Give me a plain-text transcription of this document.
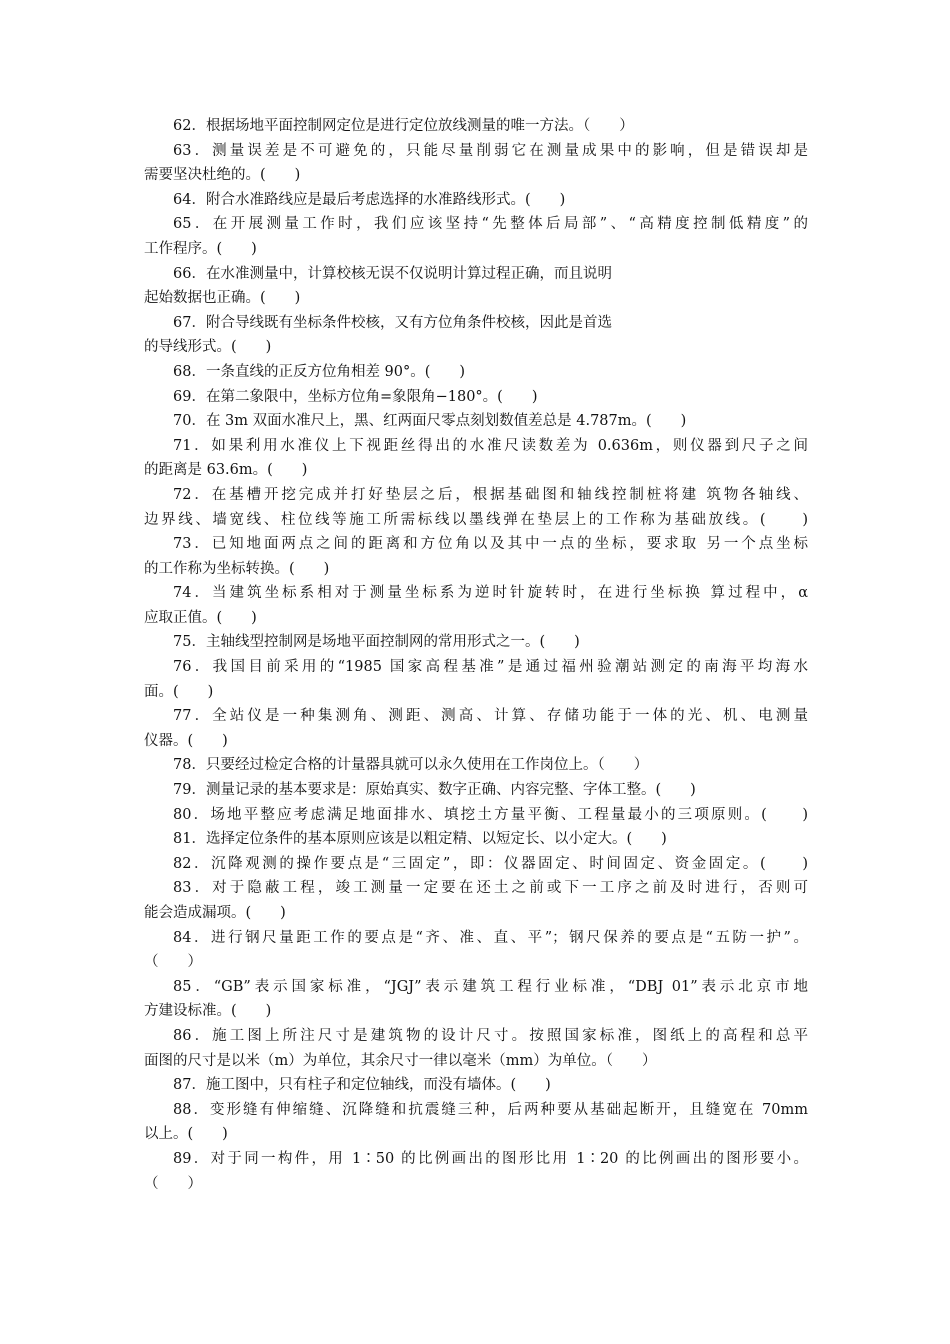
62．根据场地平面控制网定位是进行定位放线测量的唯一方法。（　　）
63．测量误差是不可避免的，只能尽量削弱它在测量成果中的影响，但是错误却是
需要坚决杜绝的。(　　)
64．附合水准路线应是最后考虑选择的水准路线形式。(　　)
65．在开展测量工作时，我们应该坚持“先整体后局部”、“高精度控制低精度”的
工作程序。(　　)
66．在水准测量中，计算校核无误不仅说明计算过程正确，而且说明
起始数据也正确。(　　)
67．附合导线既有坐标条件校核，又有方位角条件校核，因此是首选
的导线形式。(　　)
68．一条直线的正反方位角相差 90°。(　　)
69．在第二象限中，坐标方位角=象限角−180°。(　　)
70．在 3m 双面水准尺上，黑、红两面尺零点刻划数值差总是 4.787m。(　　)
71．如果利用水准仪上下视距丝得出的水准尺读数差为 0.636m，则仪器到尺子之间
的距离是 63.6m。(　　)
72．在基槽开挖完成并打好垫层之后，根据基础图和轴线控制桩将建 筑物各轴线、
边界线、墙宽线、柱位线等施工所需标线以墨线弹在垫层上的工作称为基础放线。(　　)
73．已知地面两点之间的距离和方位角以及其中一点的坐标，要求取 另一个点坐标
的工作称为坐标转换。(　　)
74．当建筑坐标系相对于测量坐标系为逆时针旋转时，在进行坐标换 算过程中，α
应取正值。(　　)
75．主轴线型控制网是场地平面控制网的常用形式之一。(　　)
76．我国目前采用的“1985 国家高程基准”是通过福州验潮站测定的南海平均海水
面。(　　)
77．全站仪是一种集测角、测距、测高、计算、存储功能于一体的光、机、电测量
仪器。(　　)
78．只要经过检定合格的计量器具就可以永久使用在工作岗位上。（　　）
79．测量记录的基本要求是：原始真实、数字正确、内容完整、字体工整。(　　)
80．场地平整应考虑满足地面排水、填挖土方量平衡、工程量最小的三项原则。(　　)
81．选择定位条件的基本原则应该是以粗定精、以短定长、以小定大。(　　)
82．沉降观测的操作要点是“三固定”，即：仪器固定、时间固定、资金固定。(　　)
83．对于隐蔽工程，竣工测量一定要在还土之前或下一工序之前及时进行，否则可
能会造成漏项。(　　)
84．进行钢尺量距工作的要点是“齐、准、直、平”；钢尺保养的要点是“五防一护”。
（　　）
85．“GB”表示国家标准，“JGJ”表示建筑工程行业标准，“DBJ 01”表示北京市地
方建设标准。(　　)
86．施工图上所注尺寸是建筑物的设计尺寸。按照国家标准，图纸上的高程和总平
面图的尺寸是以米（m）为单位，其余尺寸一律以毫米（mm）为单位。（　　）
87．施工图中，只有柱子和定位轴线，而没有墙体。(　　)
88．变形缝有伸缩缝、沉降缝和抗震缝三种，后两种要从基础起断开，且缝宽在 70mm
以上。(　　)
89．对于同一构件，用 1∶50 的比例画出的图形比用 1∶20 的比例画出的图形要小。
（　　）
